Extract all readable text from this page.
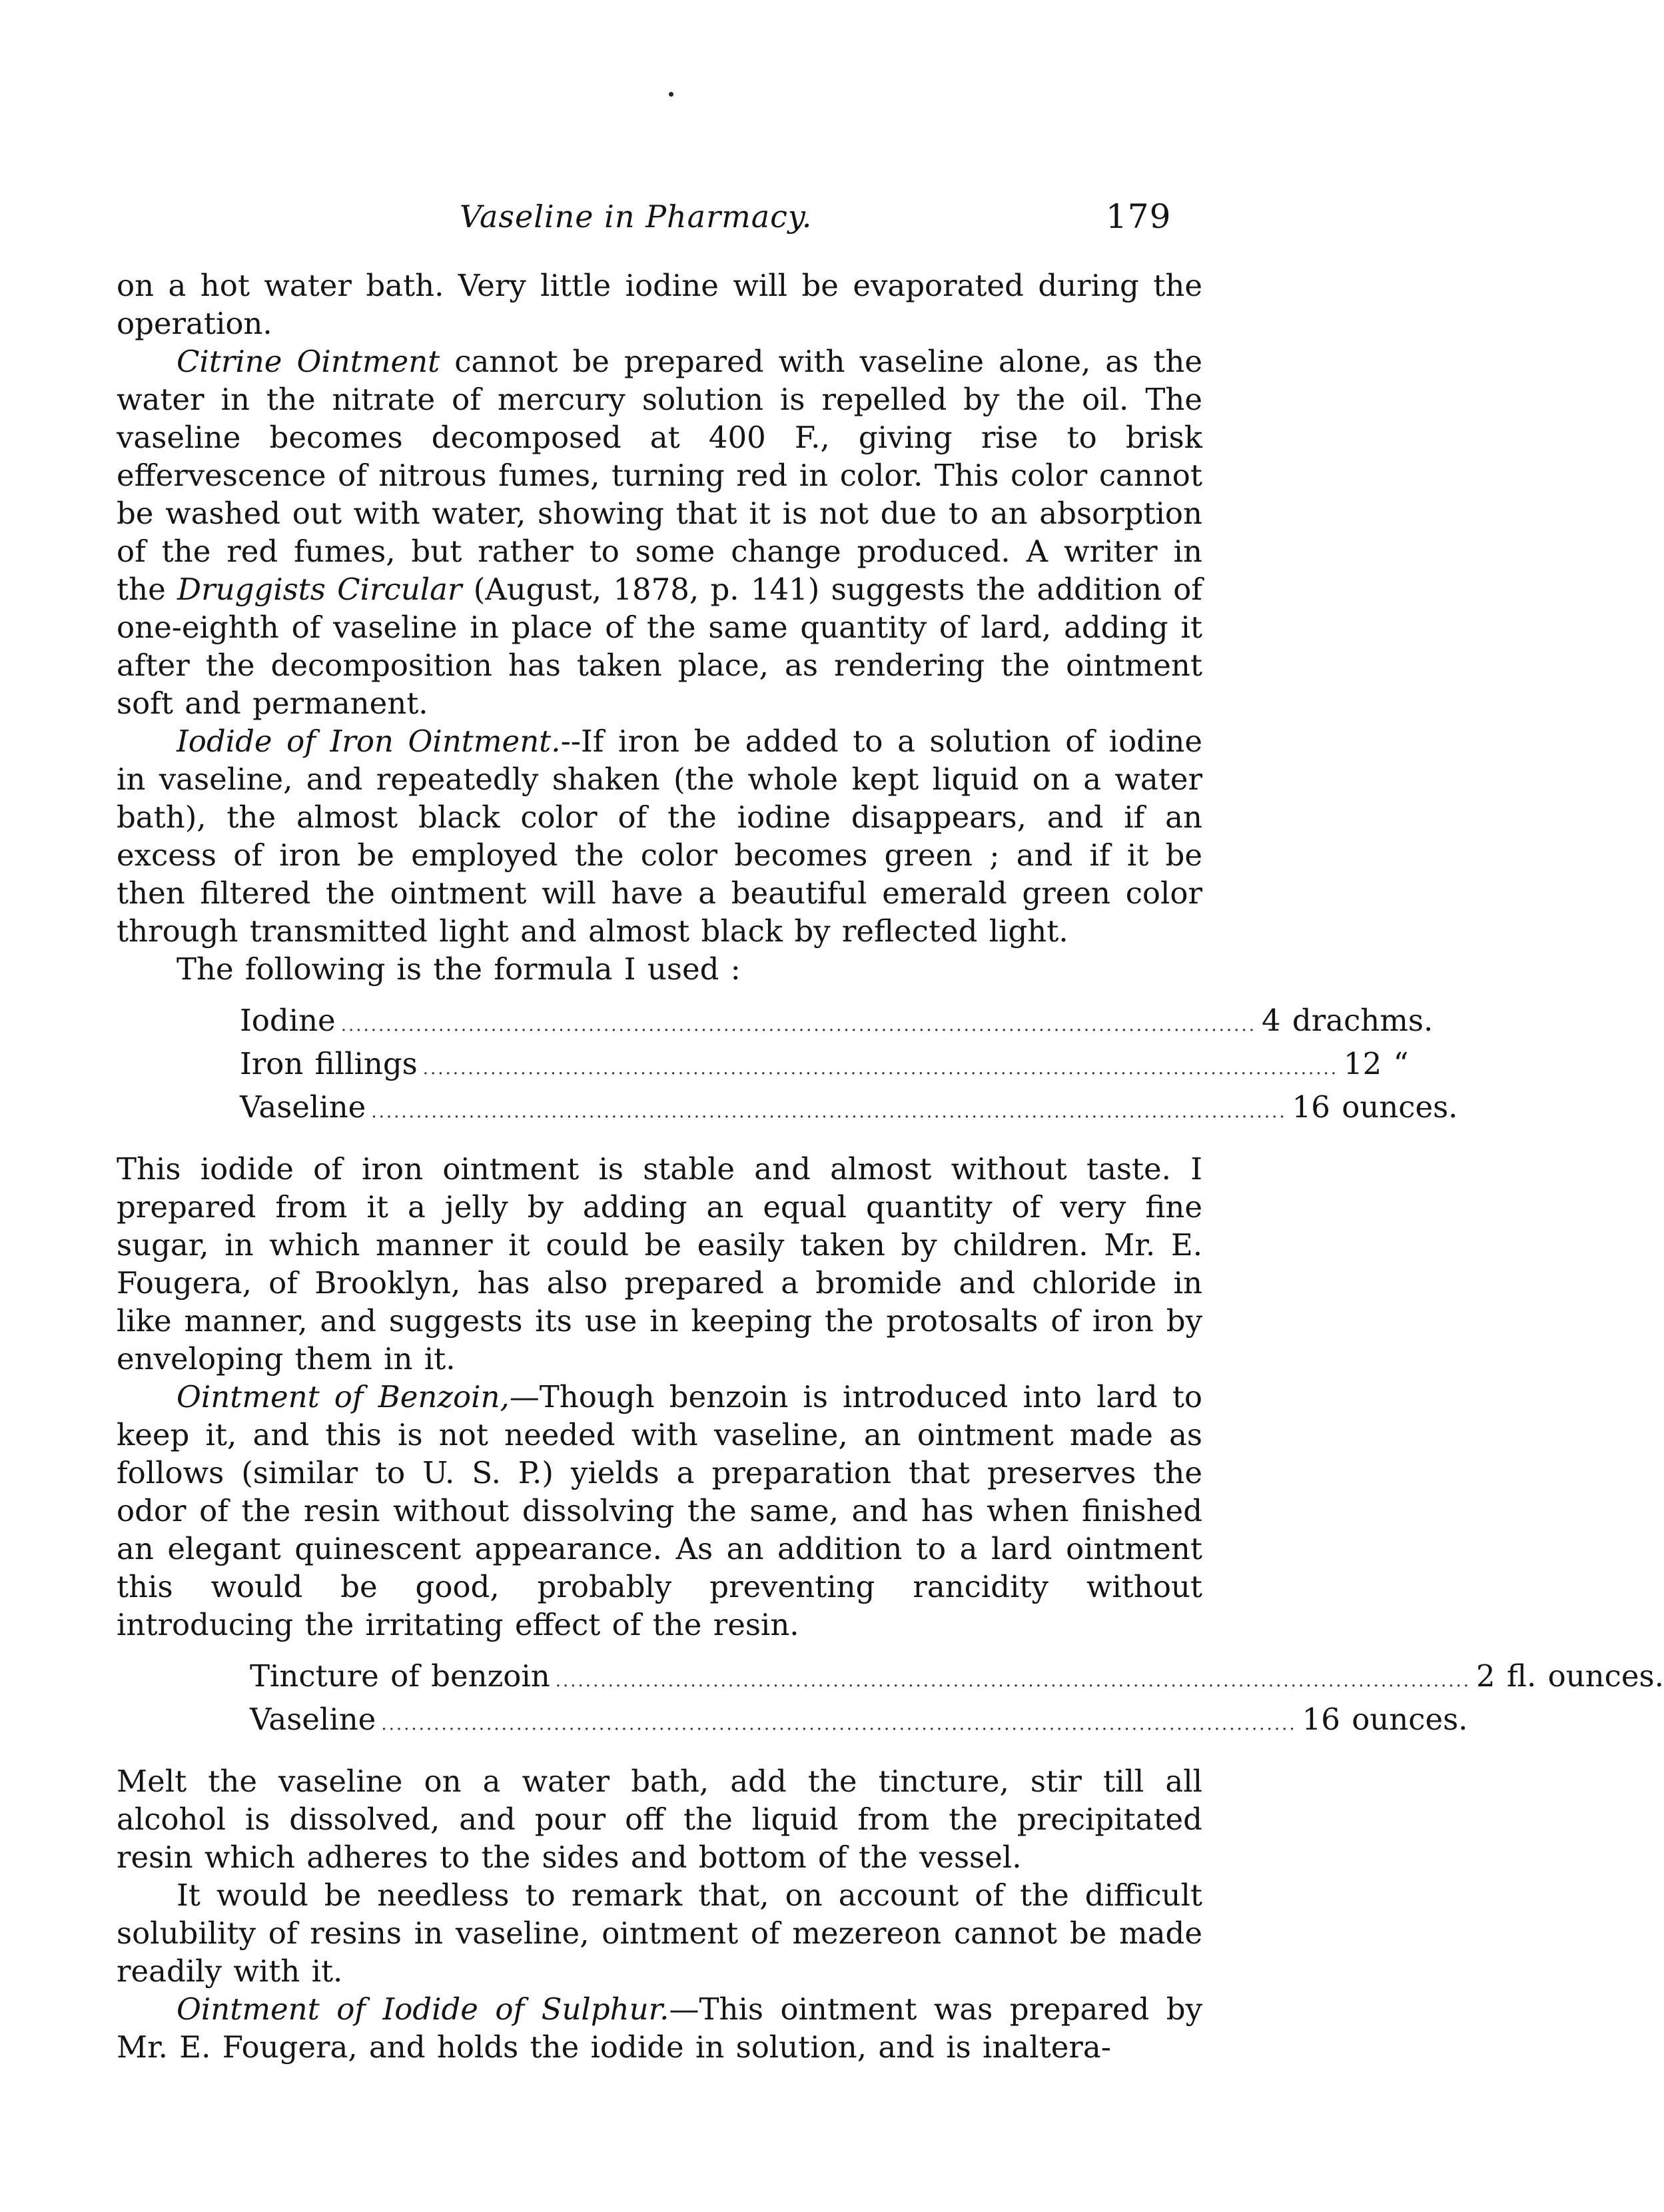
Vaseline in Pharmacy.	179

on a hot water bath. Very little iodine will be evaporated during the operation.

Citrine Ointment cannot be prepared with vaseline alone, as the water in the nitrate of mercury solution is repelled by the oil. The vaseline becomes decomposed at 400 F., giving rise to brisk effervescence of nitrous fumes, turning red in color. This color cannot be washed out with water, showing that it is not due to an absorption of the red fumes, but rather to some change produced. A writer in the Druggists Circular (August, 1878, p. 141) suggests the addition of one-eighth of vaseline in place of the same quantity of lard, adding it after the decomposition has taken place, as rendering the ointment soft and permanent.

Iodide of Iron Ointment.--If iron be added to a solution of iodine in vaseline, and repeatedly shaken (the whole kept liquid on a water bath), the almost black color of the iodine disappears, and if an excess of iron be employed the color becomes green ; and if it be then filtered the ointment will have a beautiful emerald green color through transmitted light and almost black by reflected light.

The following is the formula I used :

Iodine .......................................................................................................................... 4 drachms.
Iron fillings .......................................................................................................................... 12 “
Vaseline .......................................................................................................................... 16 ounces.

This iodide of iron ointment is stable and almost without taste. I prepared from it a jelly by adding an equal quantity of very fine sugar, in which manner it could be easily taken by children. Mr. E. Fougera, of Brooklyn, has also prepared a bromide and chloride in like manner, and suggests its use in keeping the protosalts of iron by enveloping them in it.

Ointment of Benzoin,—Though benzoin is introduced into lard to keep it, and this is not needed with vaseline, an ointment made as follows (similar to U. S. P.) yields a preparation that preserves the odor of the resin without dissolving the same, and has when finished an elegant quinescent appearance. As an addition to a lard ointment this would be good, probably preventing rancidity without introducing the irritating effect of the resin.

Tincture of benzoin .......................................................................................................................... 2 fl. ounces.
Vaseline .......................................................................................................................... 16 ounces.

Melt the vaseline on a water bath, add the tincture, stir till all alcohol is dissolved, and pour off the liquid from the precipitated resin which adheres to the sides and bottom of the vessel.

It would be needless to remark that, on account of the difficult solubility of resins in vaseline, ointment of mezereon cannot be made readily with it.

Ointment of Iodide of Sulphur.—This ointment was prepared by Mr. E. Fougera, and holds the iodide in solution, and is inaltera-
